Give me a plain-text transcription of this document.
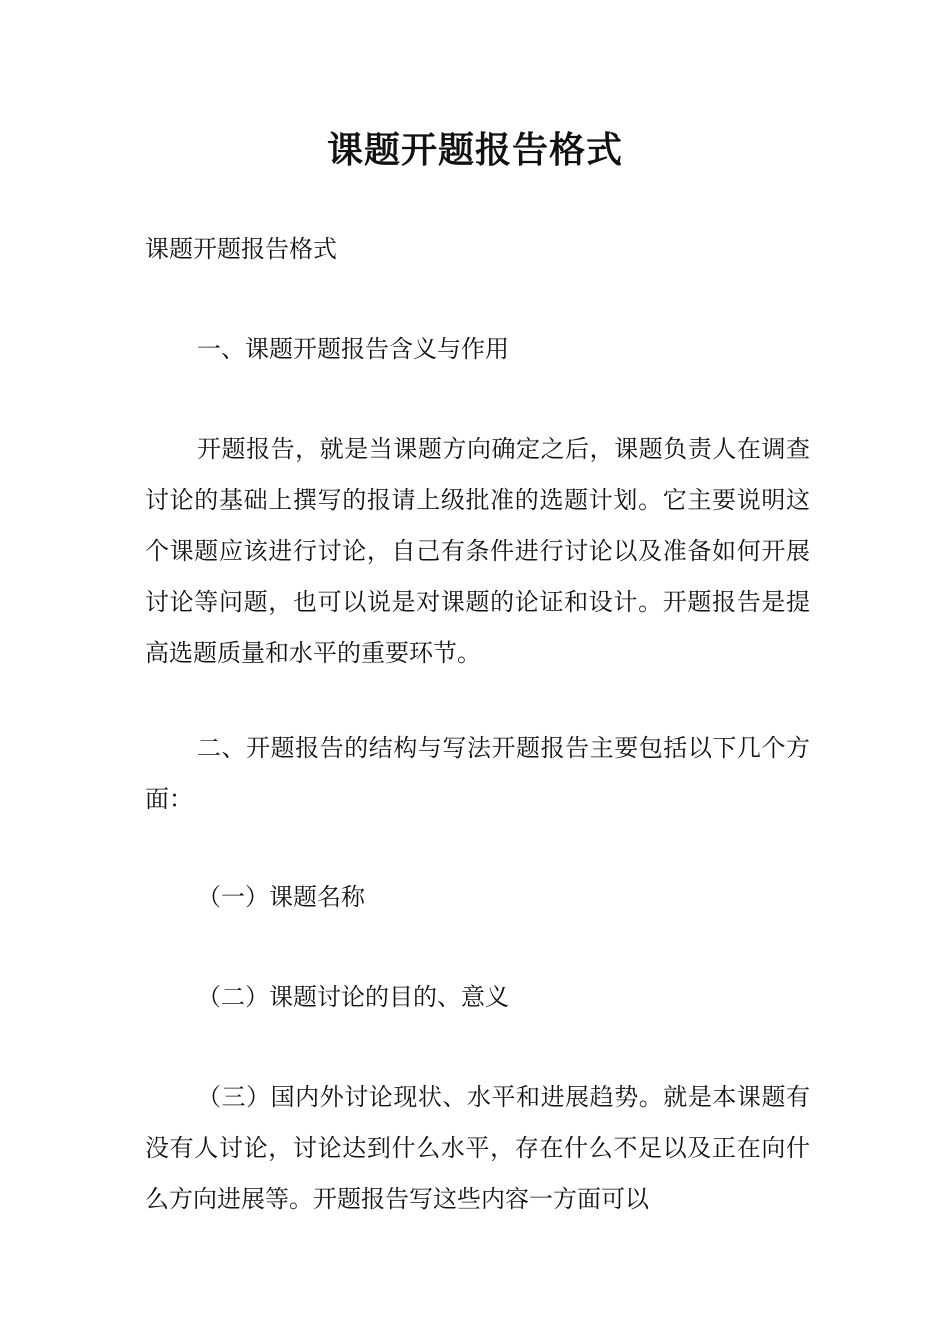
课题开题报告格式

课题开题报告格式

一、课题开题报告含义与作用

开题报告，就是当课题方向确定之后，课题负责人在调查讨论的基础上撰写的报请上级批准的选题计划。它主要说明这个课题应该进行讨论，自己有条件进行讨论以及准备如何开展讨论等问题，也可以说是对课题的论证和设计。开题报告是提高选题质量和水平的重要环节。

二、开题报告的结构与写法开题报告主要包括以下几个方面：

（一）课题名称

（二）课题讨论的目的、意义

（三）国内外讨论现状、水平和进展趋势。就是本课题有没有人讨论，讨论达到什么水平，存在什么不足以及正在向什么方向进展等。开题报告写这些内容一方面可以
